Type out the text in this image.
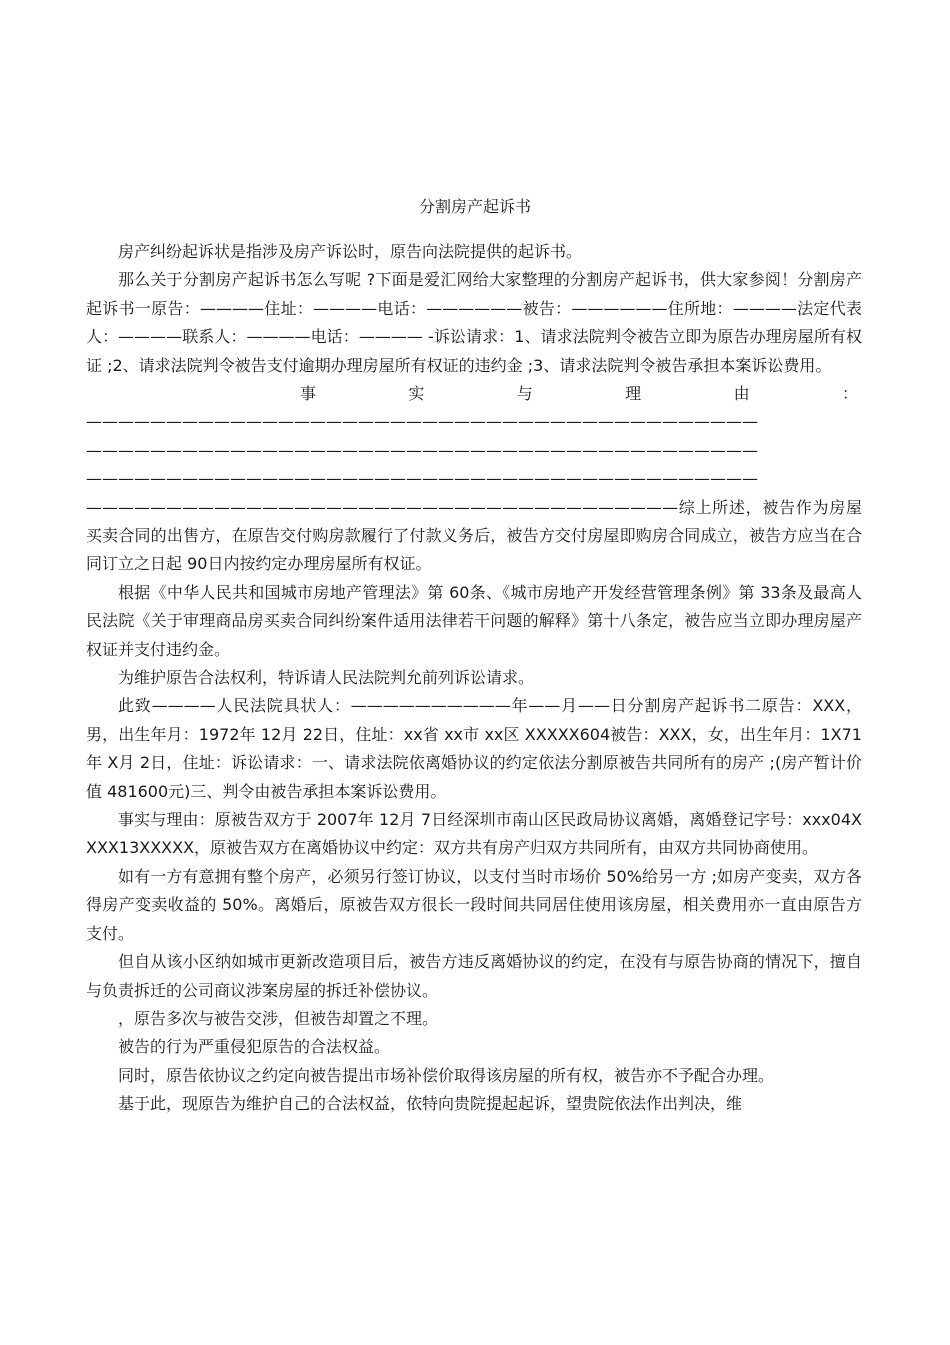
分割房产起诉书

房产纠纷起诉状是指涉及房产诉讼时，原告向法院提供的起诉书。

那么关于分割房产起诉书怎么写呢 ?下面是爱汇网给大家整理的分割房产起诉书，供大家参阅！分割房产起诉书一原告：————住址：————电话：——————被告：——————住所地：————法定代表人：————联系人：————电话：———— -诉讼请求：1、请求法院判令被告立即为原告办理房屋所有权证 ;2、请求法院判令被告支付逾期办理房屋所有权证的违约金 ;3、请求法院判令被告承担本案诉讼费用。

事	实	与	理	由	：
——————————————————————————————————————————
——————————————————————————————————————————
——————————————————————————————————————————

—————————————————————————————————————综上所述，被告作为房屋买卖合同的出售方，在原告交付购房款履行了付款义务后，被告方交付房屋即购房合同成立，被告方应当在合同订立之日起 90日内按约定办理房屋所有权证。

根据《中华人民共和国城市房地产管理法》第 60条、《城市房地产开发经营管理条例》第 33条及最高人民法院《关于审理商品房买卖合同纠纷案件适用法律若干问题的解释》第十八条定，被告应当立即办理房屋产权证并支付违约金。

为维护原告合法权利，特诉请人民法院判允前列诉讼请求。

此致————人民法院具状人：——————————年——月——日分割房产起诉书二原告：XXX，男，出生年月：1972年 12月 22日，住址：xx省 xx市 xx区 XXXXX604被告：XXX，女，出生年月：1X71年 X月 2日，住址：诉讼请求：一、请求法院依离婚协议的约定依法分割原被告共同所有的房产 ;(房产暂计价值 481600元)三、判令由被告承担本案诉讼费用。

事实与理由：原被告双方于 2007年 12月 7日经深圳市南山区民政局协议离婚，离婚登记字号：xxx04XXXX13XXXXX，原被告双方在离婚协议中约定：双方共有房产归双方共同所有，由双方共同协商使用。

如有一方有意拥有整个房产，必须另行签订协议，以支付当时市场价 50%给另一方 ;如房产变卖，双方各得房产变卖收益的 50%。离婚后，原被告双方很长一段时间共同居住使用该房屋，相关费用亦一直由原告方支付。

但自从该小区纳如城市更新改造项目后，被告方违反离婚协议的约定，在没有与原告协商的情况下，擅自与负责拆迁的公司商议涉案房屋的拆迁补偿协议。

，原告多次与被告交涉，但被告却置之不理。

被告的行为严重侵犯原告的合法权益。

同时，原告依协议之约定向被告提出市场补偿价取得该房屋的所有权，被告亦不予配合办理。

基于此，现原告为维护自己的合法权益，依特向贵院提起起诉，望贵院依法作出判决，维
